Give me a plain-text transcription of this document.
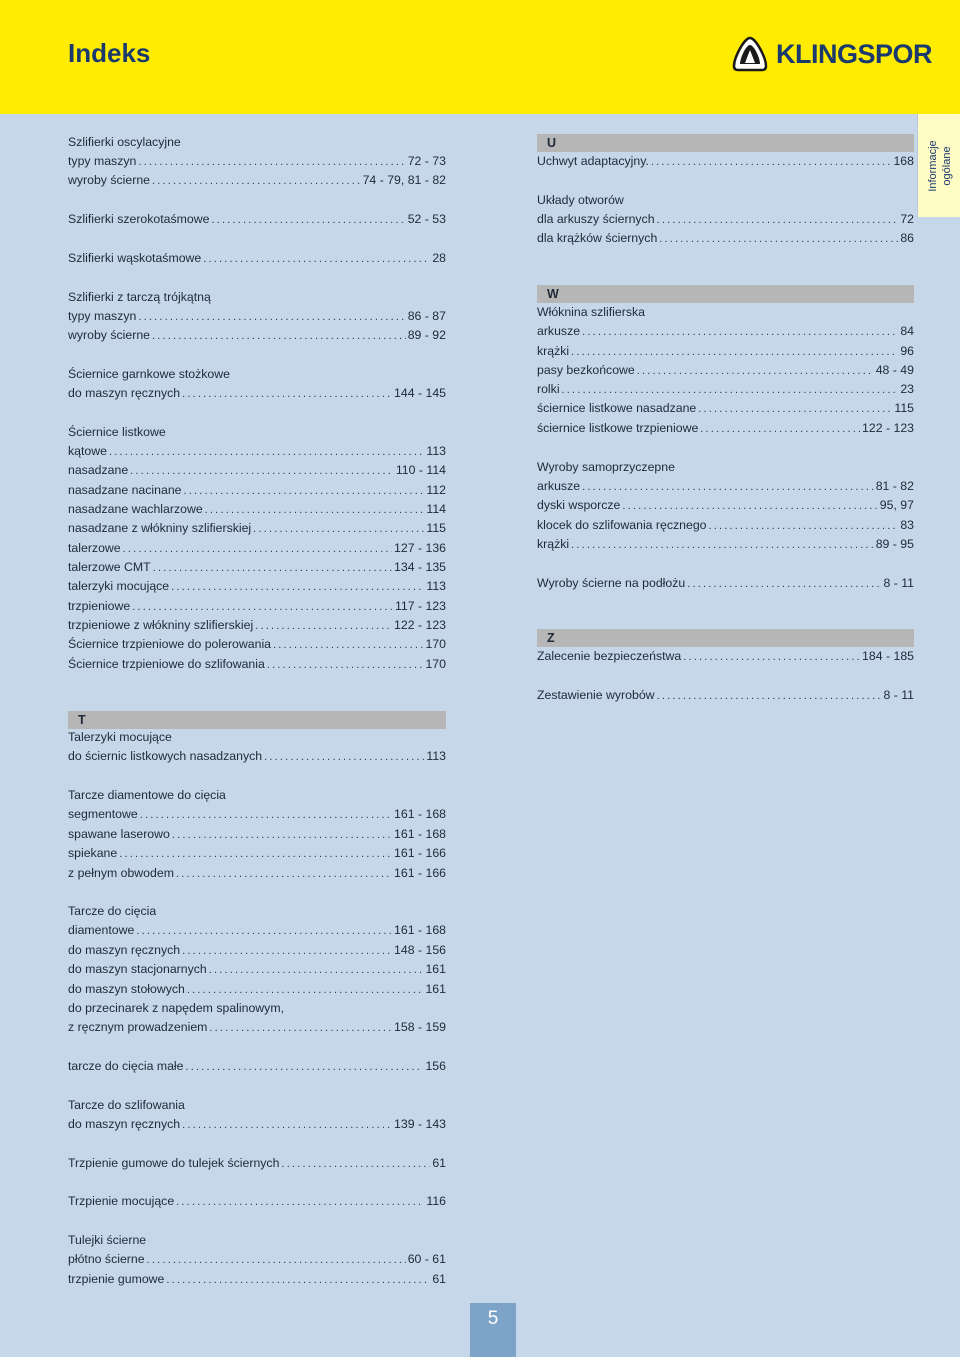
Indeks	KLINGSPOR
Informacje ogólane
Szlifierki oscylacyjne
typy maszyn .....	72 - 73
wyroby ścierne .....	74 - 79, 81 - 82
Szlifierki szerokotaśmowe .....	52 - 53
Szlifierki wąskotaśmowe .....	28
Szlifierki z tarczą trójkątną
typy maszyn .....	86 - 87
wyroby ścierne .....	89 - 92
Ściernice garnkowe stożkowe
do maszyn ręcznych .....	144 - 145
Ściernice listkowe
kątowe .....	113
nasadzane .....	110 - 114
nasadzane nacinane .....	112
nasadzane wachlarzowe .....	114
nasadzane z włókniny szlifierskiej .....	115
talerzowe .....	127 - 136
talerzowe CMT .....	134 - 135
talerzyki mocujące .....	113
trzpieniowe .....	117 - 123
trzpieniowe z włókniny szlifierskiej .....	122 - 123
Ściernice trzpieniowe do polerowania .....	170
Ściernice trzpieniowe do szlifowania .....	170
T
Talerzyki mocujące
do ściernic listkowych nasadzanych .....	113
Tarcze diamentowe do cięcia
segmentowe .....	161 - 168
spawane laserowo .....	161 - 168
spiekane .....	161 - 166
z pełnym obwodem .....	161 - 166
Tarcze do cięcia
diamentowe .....	161 - 168
do maszyn ręcznych .....	148 - 156
do maszyn stacjonarnych .....	161
do maszyn stołowych .....	161
do przecinarek z napędem spalinowym,
z ręcznym prowadzeniem .....	158 - 159
tarcze do cięcia małe .....	156
Tarcze do szlifowania
do maszyn ręcznych .....	139 - 143
Trzpienie gumowe do tulejek ściernych .....	61
Trzpienie mocujące .....	116
Tulejki ścierne
płótno ścierne .....	60 - 61
trzpienie gumowe .....	61
U
Uchwyt adaptacyjny. .....	168
Układy otworów
dla arkuszy ściernych .....	72
dla krążków ściernych .....	86
W
Włóknina szlifierska
arkusze .....	84
krążki .....	96
pasy bezkońcowe .....	48 - 49
rolki .....	23
ściernice listkowe nasadzane .....	115
ściernice listkowe trzpieniowe .....	122 - 123
Wyroby samoprzyczepne
arkusze .....	81 - 82
dyski wsporcze .....	95, 97
klocek do szlifowania ręcznego .....	83
krążki .....	89 - 95
Wyroby ścierne na podłożu .....	8 - 11
Z
Zalecenie bezpieczeństwa .....	184 - 185
Zestawienie wyrobów .....	8 - 11
5
